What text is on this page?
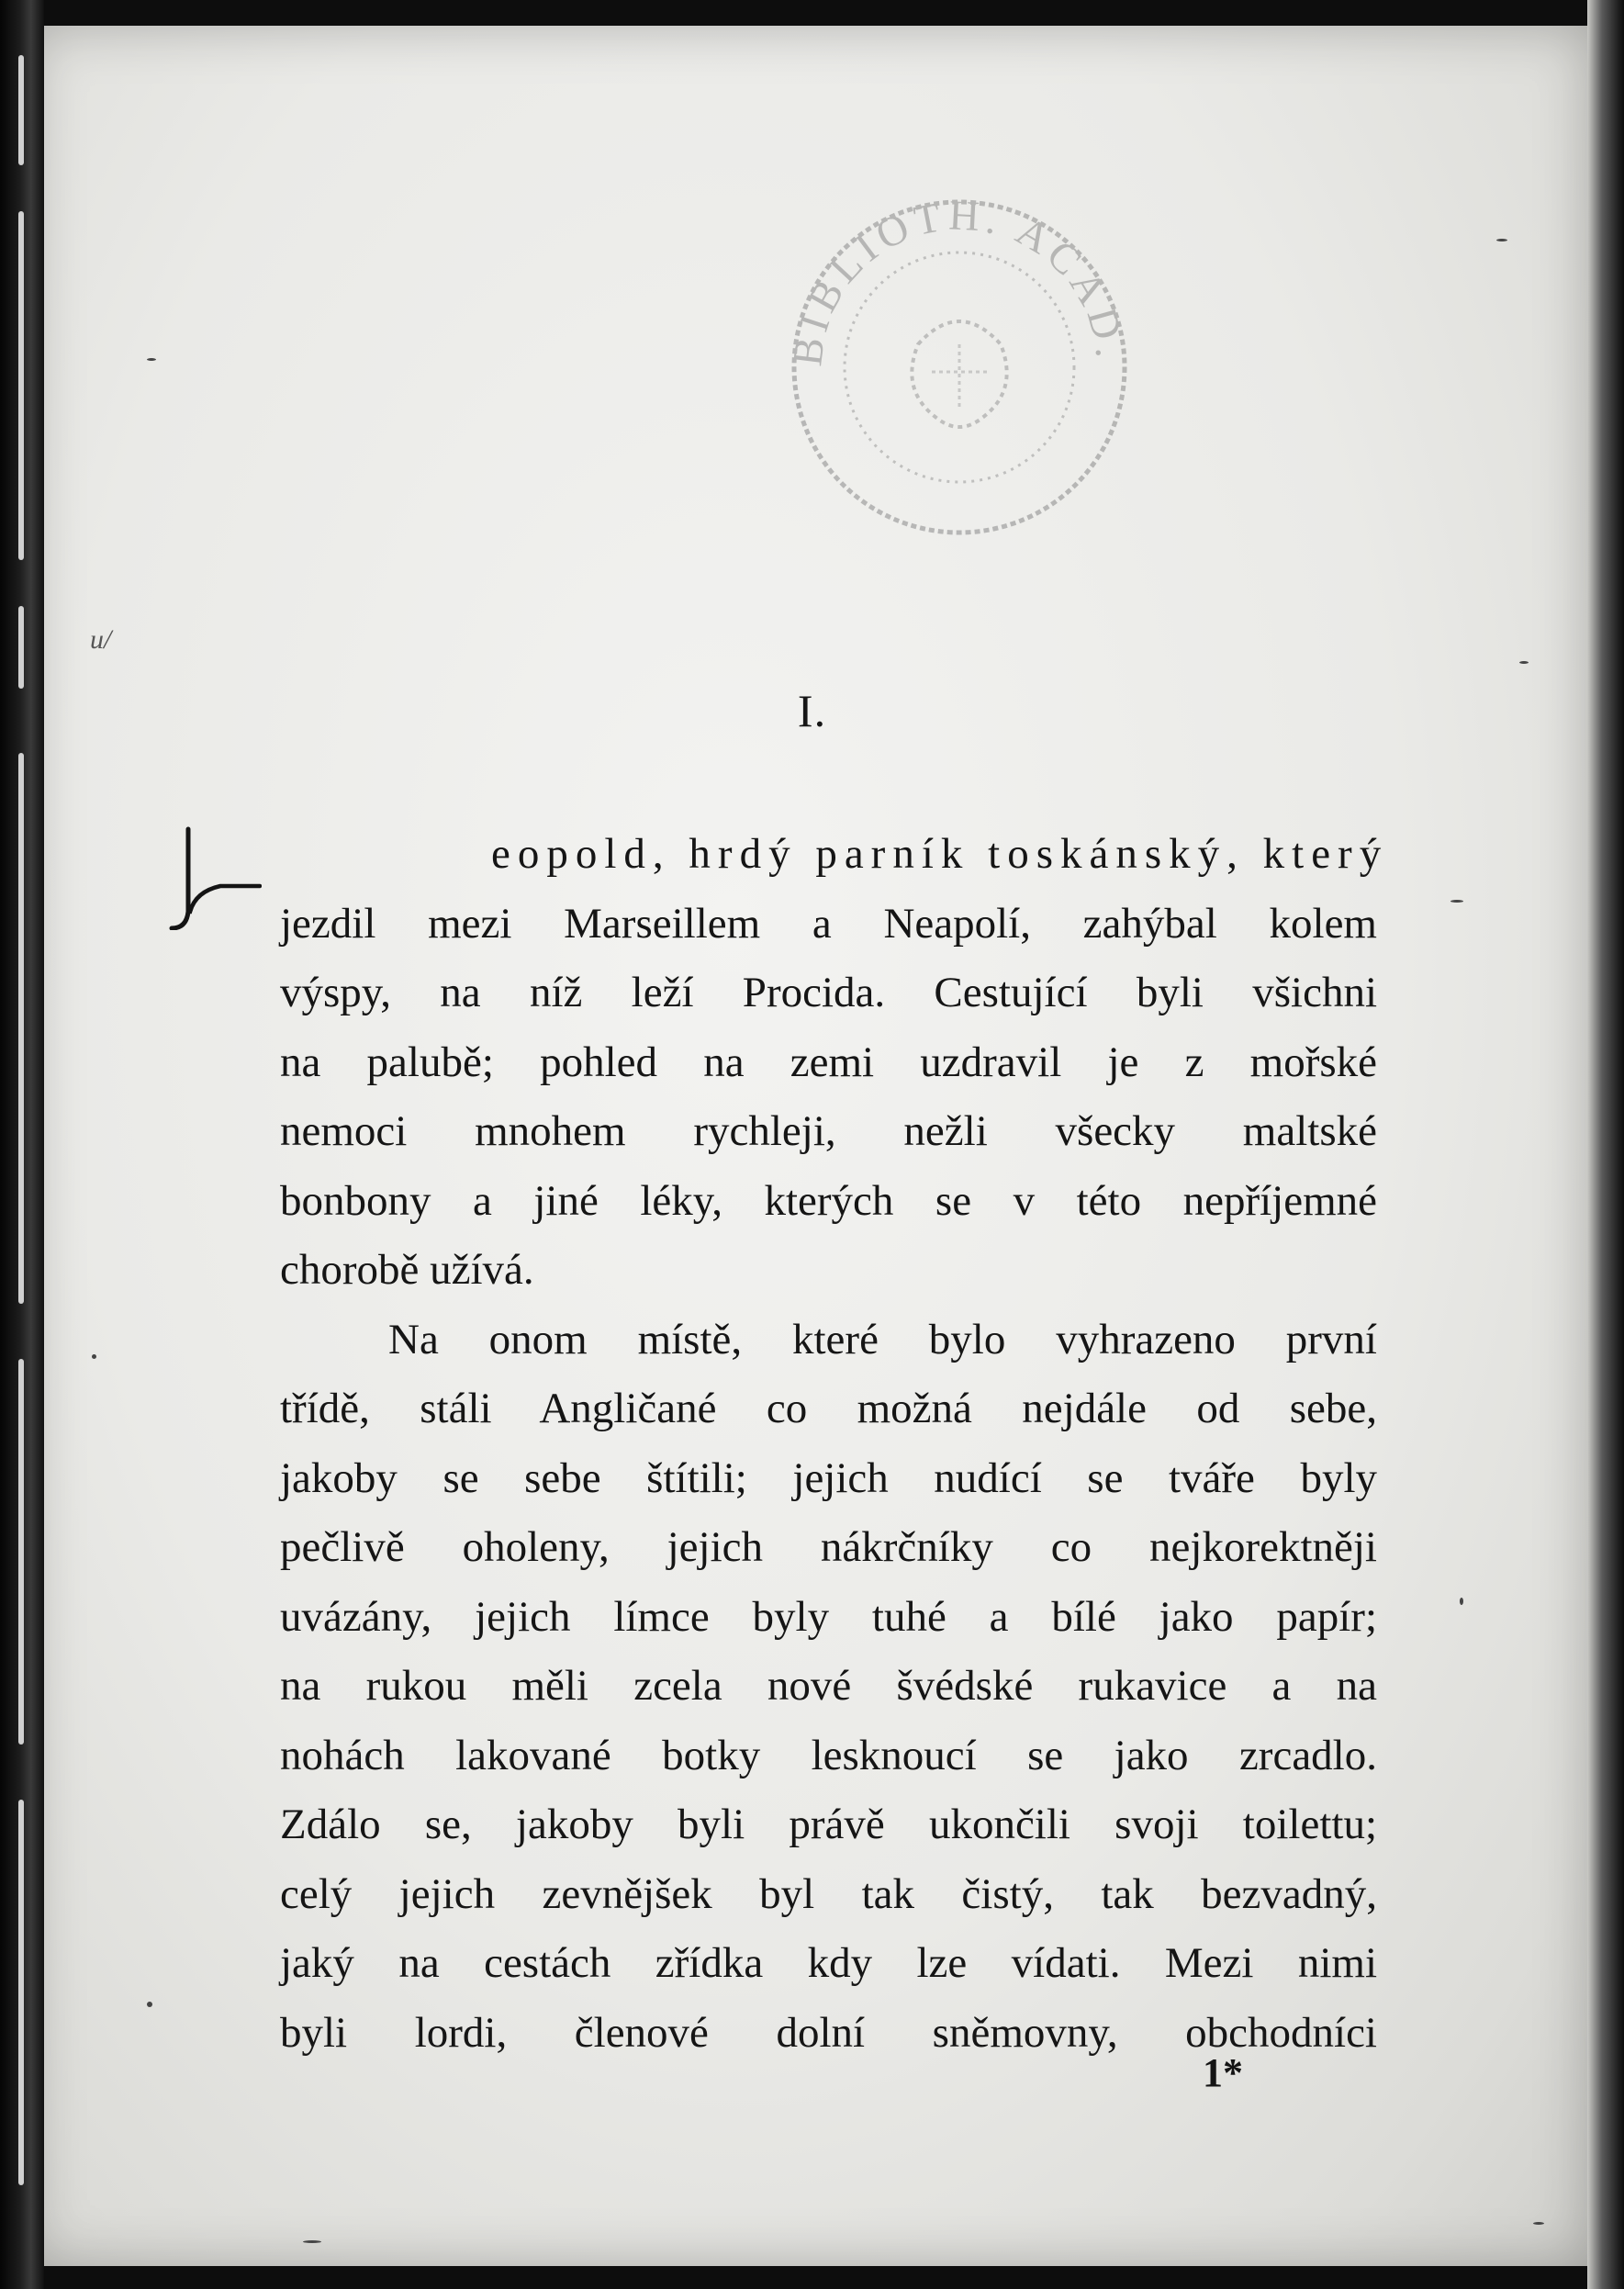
BIBLIOTH. ACAD.
u/
I.
eopold, hrdý parník toskánský, který
jezdil mezi Marseillem a Neapolí, zahýbal kolem
výspy, na níž leží Procida. Cestující byli všichni
na palubě; pohled na zemi uzdravil je z mořské
nemoci mnohem rychleji, nežli všecky maltské
bonbony a jiné léky, kterých se v této nepříjemné
chorobě užívá.
Na onom místě, které bylo vyhrazeno první
třídě, stáli Angličané co možná nejdále od sebe,
jakoby se sebe štítili; jejich nudící se tváře byly
pečlivě oholeny, jejich nákrčníky co nejkorektněji
uvázány, jejich límce byly tuhé a bílé jako papír;
na rukou měli zcela nové švédské rukavice a na
nohách lakované botky lesknoucí se jako zrcadlo.
Zdálo se, jakoby byli právě ukončili svoji toilettu;
celý jejich zevnějšek byl tak čistý, tak bezvadný,
jaký na cestách zřídka kdy lze vídati. Mezi nimi
byli lordi, členové dolní sněmovny, obchodníci
1*
